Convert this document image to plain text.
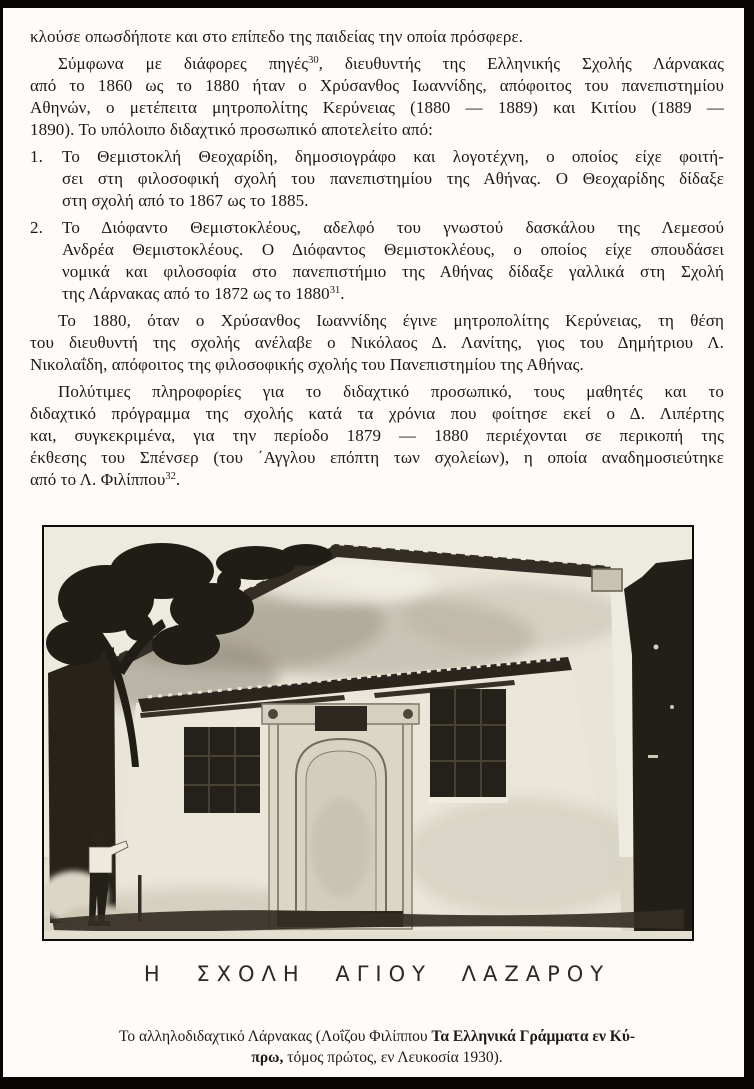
κλούσε οπωσδήποτε και στο επίπεδο της παιδείας την οποία πρόσφερε.
Σύμφωνα με διάφορες πηγές$^{30}$, διευθυντής της Ελληνικής Σχολής Λάρνακας
από το 1860 ως το 1880 ήταν ο Χρύσανθος Ιωαννίδης, απόφοιτος του πανεπιστημίου
Αθηνών, ο μετέπειτα μητροπολίτης Κερύνειας (1880 — 1889) και Κιτίου (1889 —
1890). Το υπόλοιπο διδαχτικό προσωπικό αποτελείτο από:
1. Το Θεμιστοκλή Θεοχαρίδη, δημοσιογράφο και λογοτέχνη, ο οποίος είχε φοιτή-
σει στη φιλοσοφική σχολή του πανεπιστημίου της Αθήνας. Ο Θεοχαρίδης δίδαξε
στη σχολή από το 1867 ως το 1885.
2. Το Διόφαντο Θεμιστοκλέους, αδελφό του γνωστού δασκάλου της Λεμεσού
Ανδρέα Θεμιστοκλέους. Ο Διόφαντος Θεμιστοκλέους, ο οποίος είχε σπουδάσει
νομικά και φιλοσοφία στο πανεπιστήμιο της Αθήνας δίδαξε γαλλικά στη Σχολή
της Λάρνακας από το 1872 ως το 1880$^{31}$.
Το 1880, όταν ο Χρύσανθος Ιωαννίδης έγινε μητροπολίτης Κερύνειας, τη θέση
του διευθυντή της σχολής ανέλαβε ο Νικόλαος Δ. Λανίτης, γιος του Δημήτριου Λ.
Νικολαΐδη, απόφοιτος της φιλοσοφικής σχολής του Πανεπιστημίου της Αθήνας.
Πολύτιμες πληροφορίες για το διδαχτικό προσωπικό, τους μαθητές και το
διδαχτικό πρόγραμμα της σχολής κατά τα χρόνια που φοίτησε εκεί ο Δ. Λιπέρτης
και, συγκεκριμένα, για την περίοδο 1879 — 1880 περιέχονται σε περικοπή της
έκθεσης του Σπένσερ (του ΄Αγγλου επόπτη των σχολείων), η οποία αναδημοσιεύτηκε
από το Λ. Φιλίππου$^{32}$.
Η ΣΧΟΛΗ ΑΓΙΟΥ ΛΑΖΑΡΟΥ
Το αλληλοδιδαχτικό Λάρνακας (Λοΐζου Φιλίππου Τα Ελληνικά Γράμματα εν Κύ-
πρω, τόμος πρώτος, εν Λευκοσία 1930).
